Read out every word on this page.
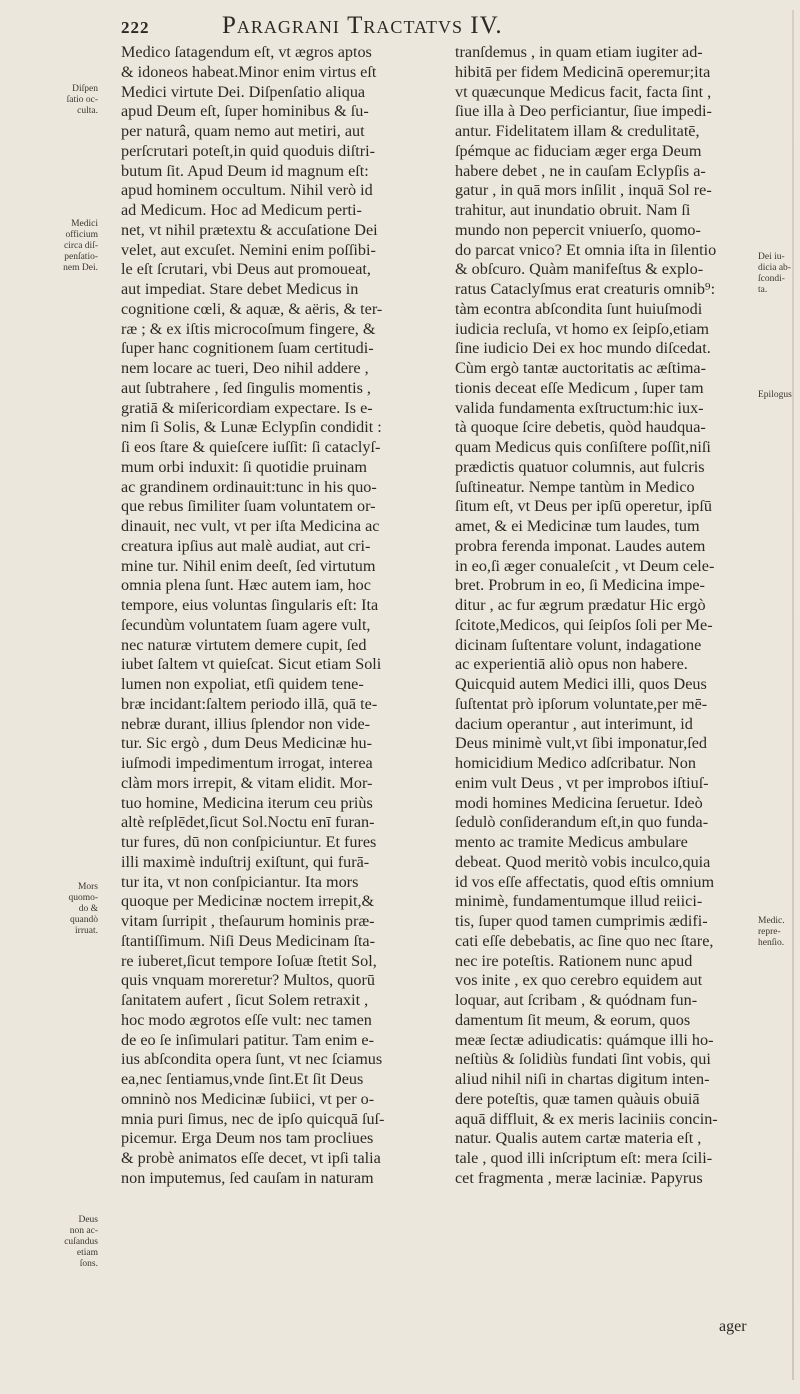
222	Paragrani Tractatvs IV.
Medico ſatagendum eſt, vt ægros aptos
& idoneos habeat.Minor enim virtus eſt
Medici virtute Dei. Diſpenſatio aliqua
apud Deum eſt, ſuper hominibus & ſu-
per naturâ, quam nemo aut metiri, aut
perſcrutari poteſt,in quid quoduis diſtri-
butum ſit. Apud Deum id magnum eſt:
apud hominem occultum. Nihil verò id
ad Medicum. Hoc ad Medicum perti-
net, vt nihil prætextu & accuſatione Dei
velet, aut excuſet. Nemini enim poſſibi-
le eſt ſcrutari, vbi Deus aut promoueat,
aut impediat. Stare debet Medicus in
cognitione cœli, & aquæ, & aëris, & ter-
ræ ; & ex iſtis microcoſmum fingere, &
ſuper hanc cognitionem ſuam certitudi-
nem locare ac tueri, Deo nihil addere ,
aut ſubtrahere , ſed ſingulis momentis ,
gratiā & miſericordiam expectare. Is e-
nim ſi Solis, & Lunæ Eclypſin condidit :
ſi eos ſtare & quieſcere iuſſit: ſi cataclyſ-
mum orbi induxit: ſi quotidie pruinam
ac grandinem ordinauit:tunc in his quo-
que rebus ſimiliter ſuam voluntatem or-
dinauit, nec vult, vt per iſta Medicina ac
creatura ipſius aut malè audiat, aut cri-
mine tur. Nihil enim deeſt, ſed virtutum
omnia plena ſunt. Hæc autem iam, hoc
tempore, eius voluntas ſingularis eſt: Ita
ſecundùm voluntatem ſuam agere vult,
nec naturæ virtutem demere cupit, ſed
iubet ſaltem vt quieſcat. Sicut etiam Soli
lumen non expoliat, etſi quidem tene-
bræ incidant:ſaltem periodo illā, quā te-
nebræ durant, illius ſplendor non vide-
tur. Sic ergò , dum Deus Medicinæ hu-
iuſmodi impedimentum irrogat, interea
clàm mors irrepit, & vitam elidit. Mor-
tuo homine, Medicina iterum ceu priùs
altè reſplēdet,ſicut Sol.Noctu enī furan-
tur fures, dū non conſpiciuntur. Et fures
illi maximè induſtrij exiſtunt, qui furā-
tur ita, vt non conſpiciantur. Ita mors
quoque per Medicinæ noctem irrepit,&
vitam ſurripit , theſaurum hominis præ-
ſtantiſſimum. Niſi Deus Medicinam ſta-
re iuberet,ſicut tempore Ioſuæ ſtetit Sol,
quis vnquam moreretur? Multos, quorū
ſanitatem aufert , ſicut Solem retraxit ,
hoc modo ægrotos eſſe vult: nec tamen
de eo ſe inſimulari patitur. Tam enim e-
ius abſcondita opera ſunt, vt nec ſciamus
ea,nec ſentiamus,vnde ſint.Et ſit Deus
omninò nos Medicinæ ſubiici, vt per o-
mnia puri ſimus, nec de ipſo quicquā ſuſ-
picemur. Erga Deum nos tam procliues
& probè animatos eſſe decet, vt ipſi talia
non imputemus, ſed cauſam in naturam
tranſdemus , in quam etiam iugiter ad-
hibitā per fidem Medicinā operemur;ita
vt quæcunque Medicus facit, facta ſint ,
ſiue illa à Deo perficiantur, ſiue impedi-
antur. Fidelitatem illam & credulitatē,
ſpémque ac fiduciam æger erga Deum
habere debet , ne in cauſam Eclypſis a-
gatur , in quā mors inſilit , inquā Sol re-
trahitur, aut inundatio obruit. Nam ſi
mundo non pepercit vniuerſo, quomo-
do parcat vnico? Et omnia iſta in ſilentio
& obſcuro. Quàm manifeſtus & explo-
ratus Cataclyſmus erat creaturis omnib⁹:
tàm econtra abſcondita ſunt huiuſmodi
iudicia recluſa, vt homo ex ſeipſo,etiam
ſine iudicio Dei ex hoc mundo diſcedat.
Cùm ergò tantæ auctoritatis ac æſtima-
tionis deceat eſſe Medicum , ſuper tam
valida fundamenta exſtructum:hic iux-
tà quoque ſcire debetis, quòd haudqua-
quam Medicus quis conſiſtere poſſit,niſi
prædictis quatuor columnis, aut fulcris
ſuſtineatur. Nempe tantùm in Medico
ſitum eſt, vt Deus per ipſū operetur, ipſū
amet, & ei Medicinæ tum laudes, tum
probra ferenda imponat. Laudes autem
in eo,ſi æger conualeſcit , vt Deum cele-
bret. Probrum in eo, ſi Medicina impe-
ditur , ac fur ægrum prædatur Hic ergò
ſcitote,Medicos, qui ſeipſos ſoli per Me-
dicinam ſuſtentare volunt, indagatione
ac experientiā aliò opus non habere.
Quicquid autem Medici illi, quos Deus
ſuſtentat prò ipſorum voluntate,per mē-
dacium operantur , aut interimunt, id
Deus minimè vult,vt ſibi imponatur,ſed
homicidium Medico adſcribatur. Non
enim vult Deus , vt per improbos iſtiuſ-
modi homines Medicina ſeruetur. Ideò
ſedulò conſiderandum eſt,in quo funda-
mento ac tramite Medicus ambulare
debeat. Quod meritò vobis inculco,quia
id vos eſſe affectatis, quod eſtis omnium
minimè, fundamentumque illud reiici-
tis, ſuper quod tamen cumprimis ædifi-
cati eſſe debebatis, ac ſine quo nec ſtare,
nec ire poteſtis. Rationem nunc apud
vos inite , ex quo cerebro equidem aut
loquar, aut ſcribam , & quódnam fun-
damentum ſit meum, & eorum, quos
meæ ſectæ adiudicatis: quámque illi ho-
neſtiùs & ſolidiùs fundati ſint vobis, qui
aliud nihil niſi in chartas digitum inten-
dere poteſtis, quæ tamen quàuis obuiā
aquā diffluit, & ex meris laciniis concin-
natur. Qualis autem cartæ materia eſt ,
tale , quod illi inſcriptum eſt: mera ſcili-
cet fragmenta , meræ laciniæ. Papyrus
Diſpen
ſatio oc-
culta.
Medici
officium
circa diſ-
penſatio-
nem Dei.
Mors
quomo-
do &
quandò
irruat.
Deus
non ac-
cuſandus
etiam
ſons.
Dei iu-
dicia ab-
ſcondi-
ta.
Epilogus
Medic.
repre-
henſio.
ager
